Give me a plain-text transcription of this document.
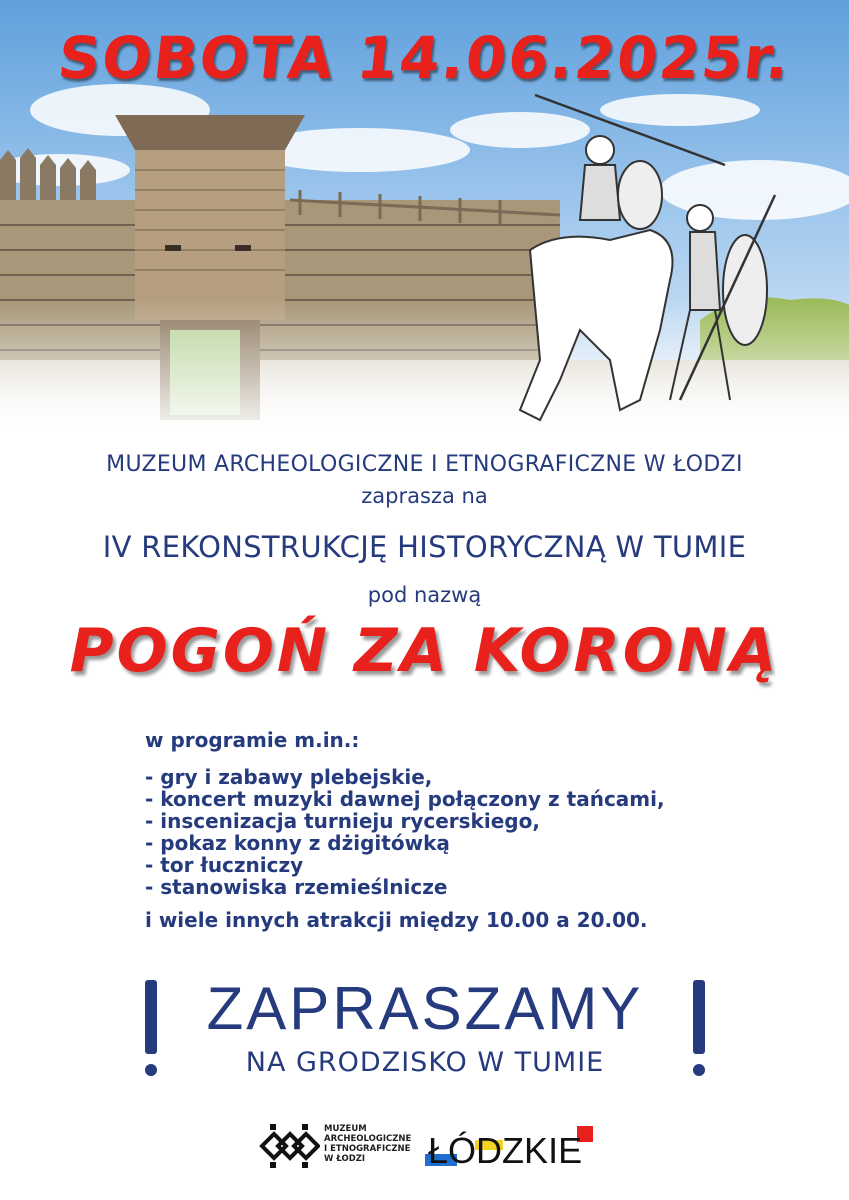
SOBOTA 14.06.2025r.
MUZEUM ARCHEOLOGICZNE I ETNOGRAFICZNE W ŁODZI
zaprasza na
IV REKONSTRUKCJĘ HISTORYCZNĄ W TUMIE
pod nazwą
POGOŃ ZA KORONĄ
w programie m.in.:
- gry i zabawy plebejskie,
- koncert muzyki dawnej połączony z tańcami,
- inscenizacja turnieju rycerskiego,
- pokaz konny z dżigitówką
- tor łuczniczy
- stanowiska rzemieślnicze
i wiele innych atrakcji między 10.00 a 20.00.
ZAPRASZAMY
NA GRODZISKO W TUMIE
MUZEUM
ARCHEOLOGICZNE
I ETNOGRAFICZNE
W ŁODZI	ŁÓDZKIE
